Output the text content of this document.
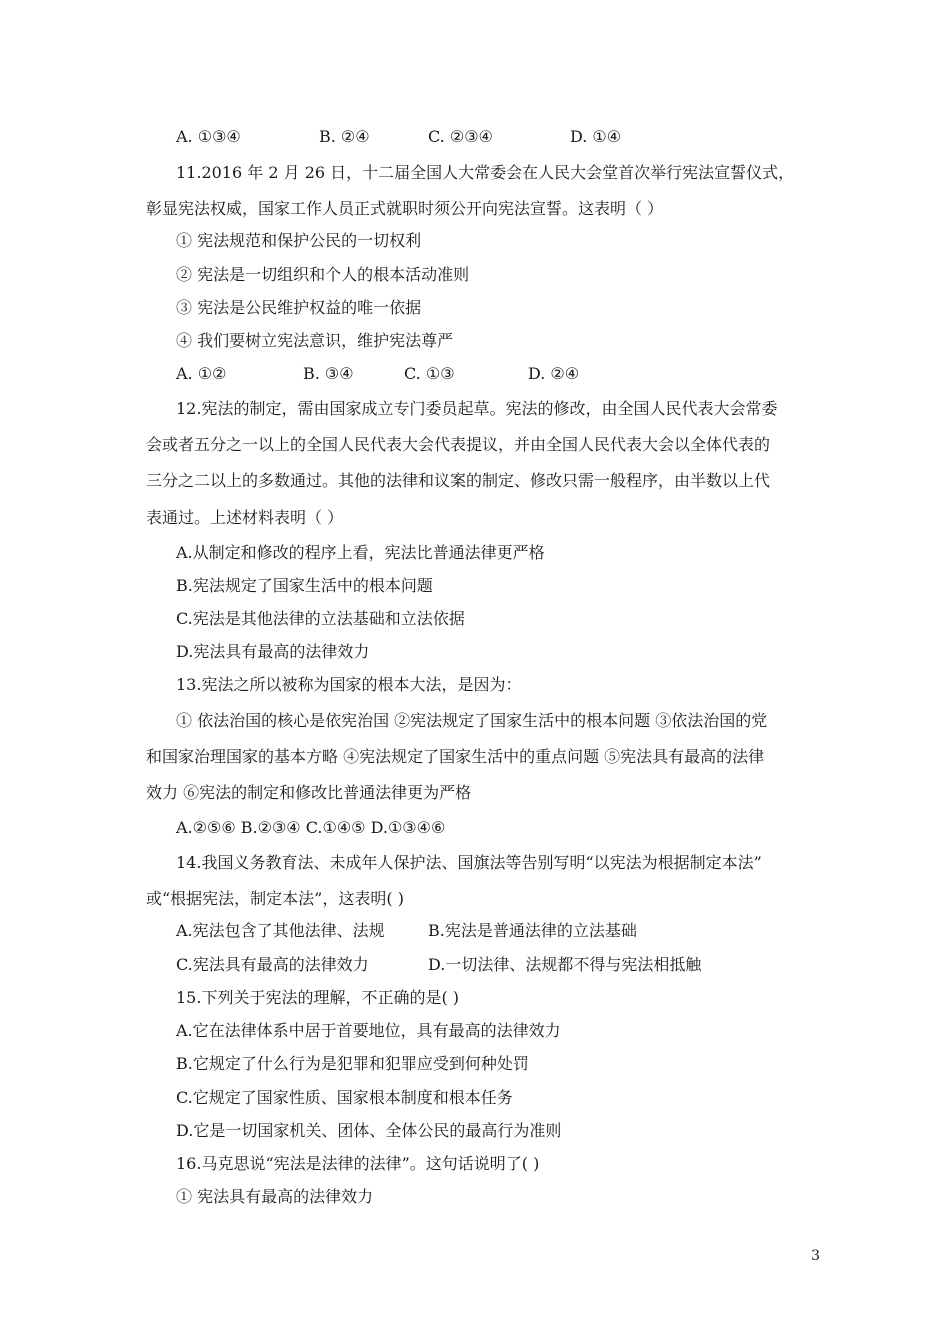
A. ①③④	B. ②④	C. ②③④	D. ①④
11.2016 年 2 月 26 日，十二届全国人大常委会在人民大会堂首次举行宪法宣誓仪式，
彰显宪法权威，国家工作人员正式就职时须公开向宪法宣誓。这表明（ ）
① 宪法规范和保护公民的一切权利
② 宪法是一切组织和个人的根本活动准则
③ 宪法是公民维护权益的唯一依据
④ 我们要树立宪法意识，维护宪法尊严
A. ①②	B. ③④	C. ①③	D. ②④
12.宪法的制定，需由国家成立专门委员起草。宪法的修改，由全国人民代表大会常委
会或者五分之一以上的全国人民代表大会代表提议，并由全国人民代表大会以全体代表的
三分之二以上的多数通过。其他的法律和议案的制定、修改只需一般程序，由半数以上代
表通过。上述材料表明（ ）
A.从制定和修改的程序上看，宪法比普通法律更严格
B.宪法规定了国家生活中的根本问题
C.宪法是其他法律的立法基础和立法依据
D.宪法具有最高的法律效力
13.宪法之所以被称为国家的根本大法，是因为：
① 依法治国的核心是依宪治国 ②宪法规定了国家生活中的根本问题 ③依法治国的党
和国家治理国家的基本方略 ④宪法规定了国家生活中的重点问题 ⑤宪法具有最高的法律
效力 ⑥宪法的制定和修改比普通法律更为严格
A.②⑤⑥ B.②③④ C.①④⑤ D.①③④⑥
14.我国义务教育法、未成年人保护法、国旗法等告别写明“以宪法为根据制定本法”
或“根据宪法，制定本法”，这表明( )
A.宪法包含了其他法律、法规	B.宪法是普通法律的立法基础
C.宪法具有最高的法律效力	D.一切法律、法规都不得与宪法相抵触
15.下列关于宪法的理解，不正确的是( )
A.它在法律体系中居于首要地位，具有最高的法律效力
B.它规定了什么行为是犯罪和犯罪应受到何种处罚
C.它规定了国家性质、国家根本制度和根本任务
D.它是一切国家机关、团体、全体公民的最高行为准则
16.马克思说“宪法是法律的法律”。这句话说明了( )
① 宪法具有最高的法律效力
3
